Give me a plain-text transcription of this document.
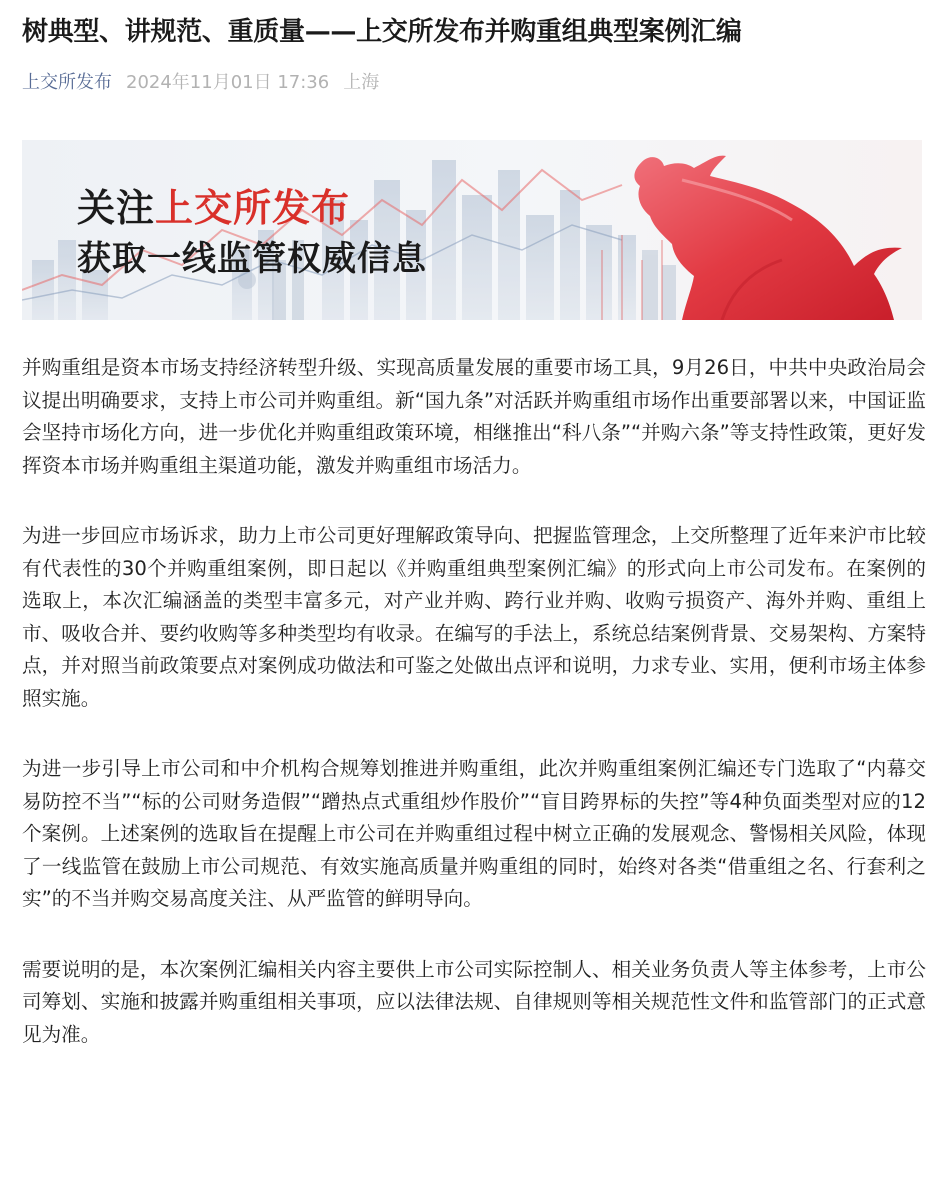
树典型、讲规范、重质量——上交所发布并购重组典型案例汇编
上交所发布 2024年11月01日 17:36 上海
关注上交所发布
获取一线监管权威信息

并购重组是资本市场支持经济转型升级、实现高质量发展的重要市场工具，9月26日，中共中央政治局会议提出明确要求，支持上市公司并购重组。新“国九条”对活跃并购重组市场作出重要部署以来，中国证监会坚持市场化方向，进一步优化并购重组政策环境，相继推出“科八条”“并购六条”等支持性政策，更好发挥资本市场并购重组主渠道功能，激发并购重组市场活力。

为进一步回应市场诉求，助力上市公司更好理解政策导向、把握监管理念，上交所整理了近年来沪市比较有代表性的30个并购重组案例，即日起以《并购重组典型案例汇编》的形式向上市公司发布。在案例的选取上，本次汇编涵盖的类型丰富多元，对产业并购、跨行业并购、收购亏损资产、海外并购、重组上市、吸收合并、要约收购等多种类型均有收录。在编写的手法上，系统总结案例背景、交易架构、方案特点，并对照当前政策要点对案例成功做法和可鉴之处做出点评和说明，力求专业、实用，便利市场主体参照实施。

为进一步引导上市公司和中介机构合规筹划推进并购重组，此次并购重组案例汇编还专门选取了“内幕交易防控不当”“标的公司财务造假”“蹭热点式重组炒作股价”“盲目跨界标的失控”等4种负面类型对应的12个案例。上述案例的选取旨在提醒上市公司在并购重组过程中树立正确的发展观念、警惕相关风险，体现了一线监管在鼓励上市公司规范、有效实施高质量并购重组的同时，始终对各类“借重组之名、行套利之实”的不当并购交易高度关注、从严监管的鲜明导向。

需要说明的是，本次案例汇编相关内容主要供上市公司实际控制人、相关业务负责人等主体参考，上市公司筹划、实施和披露并购重组相关事项，应以法律法规、自律规则等相关规范性文件和监管部门的正式意见为准。
